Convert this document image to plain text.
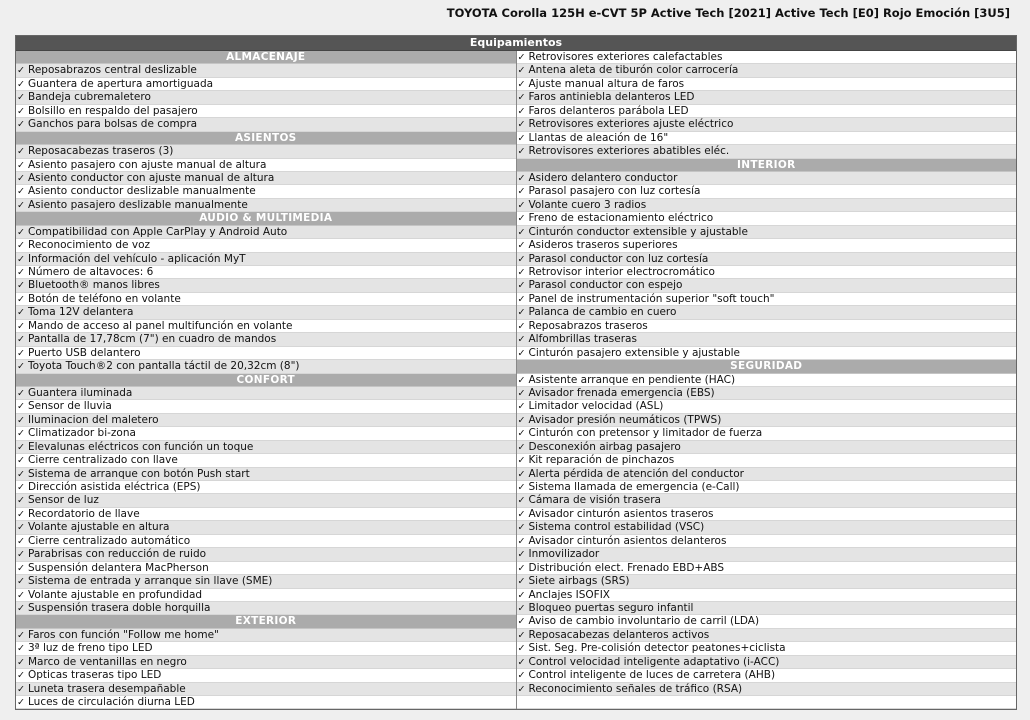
TOYOTA Corolla 125H e-CVT 5P Active Tech [2021] Active Tech [E0] Rojo Emoción [3U5]
Equipamientos
ALMACENAJE
✓ Reposabrazos central deslizable
✓ Guantera de apertura amortiguada
✓ Bandeja cubremaletero
✓ Bolsillo en respaldo del pasajero
✓ Ganchos para bolsas de compra
ASIENTOS
✓ Reposacabezas traseros (3)
✓ Asiento pasajero con ajuste manual de altura
✓ Asiento conductor con ajuste manual de altura
✓ Asiento conductor deslizable manualmente
✓ Asiento pasajero deslizable manualmente
AUDIO & MULTIMEDIA
✓ Compatibilidad con Apple CarPlay y Android Auto
✓ Reconocimiento de voz
✓ Información del vehículo - aplicación MyT
✓ Número de altavoces: 6
✓ Bluetooth® manos libres
✓ Botón de teléfono en volante
✓ Toma 12V delantera
✓ Mando de acceso al panel multifunción en volante
✓ Pantalla de 17,78cm (7") en cuadro de mandos
✓ Puerto USB delantero
✓ Toyota Touch®2 con pantalla táctil de 20,32cm (8")
CONFORT
✓ Guantera iluminada
✓ Sensor de lluvia
✓ Iluminacion del maletero
✓ Climatizador bi-zona
✓ Elevalunas eléctricos con función un toque
✓ Cierre centralizado con llave
✓ Sistema de arranque con botón Push start
✓ Dirección asistida eléctrica (EPS)
✓ Sensor de luz
✓ Recordatorio de llave
✓ Volante ajustable en altura
✓ Cierre centralizado automático
✓ Parabrisas con reducción de ruido
✓ Suspensión delantera MacPherson
✓ Sistema de entrada y arranque sin llave (SME)
✓ Volante ajustable en profundidad
✓ Suspensión trasera doble horquilla
EXTERIOR
✓ Faros con función "Follow me home"
✓ 3ª luz de freno tipo LED
✓ Marco de ventanillas en negro
✓ Ópticas traseras tipo LED
✓ Luneta trasera desempañable
✓ Luces de circulación diurna LED
✓ Retrovisores exteriores calefactables
✓ Antena aleta de tiburón color carrocería
✓ Ajuste manual altura de faros
✓ Faros antiniebla delanteros LED
✓ Faros delanteros parábola LED
✓ Retrovisores exteriores ajuste eléctrico
✓ Llantas de aleación de 16"
✓ Retrovisores exteriores abatibles eléc.
INTERIOR
✓ Asidero delantero conductor
✓ Parasol pasajero con luz cortesía
✓ Volante cuero 3 radios
✓ Freno de estacionamiento eléctrico
✓ Cinturón conductor extensible y ajustable
✓ Asideros traseros superiores
✓ Parasol conductor con luz cortesía
✓ Retrovisor interior electrocromático
✓ Parasol conductor con espejo
✓ Panel de instrumentación superior "soft touch"
✓ Palanca de cambio en cuero
✓ Reposabrazos traseros
✓ Alfombrillas traseras
✓ Cinturón pasajero extensible y ajustable
SEGURIDAD
✓ Asistente arranque en pendiente (HAC)
✓ Avisador frenada emergencia (EBS)
✓ Limitador velocidad (ASL)
✓ Avisador presión neumáticos (TPWS)
✓ Cinturón con pretensor y limitador de fuerza
✓ Desconexión airbag pasajero
✓ Kit reparación de pinchazos
✓ Alerta pérdida de atención del conductor
✓ Sistema llamada de emergencia (e-Call)
✓ Cámara de visión trasera
✓ Avisador cinturón asientos traseros
✓ Sistema control estabilidad (VSC)
✓ Avisador cinturón asientos delanteros
✓ Inmovilizador
✓ Distribución elect. Frenado EBD+ABS
✓ Siete airbags (SRS)
✓ Anclajes ISOFIX
✓ Bloqueo puertas seguro infantil
✓ Aviso de cambio involuntario de carril (LDA)
✓ Reposacabezas delanteros activos
✓ Sist. Seg. Pre-colisión detector peatones+ciclista
✓ Control velocidad inteligente adaptativo (i-ACC)
✓ Control inteligente de luces de carretera (AHB)
✓ Reconocimiento señales de tráfico (RSA)
